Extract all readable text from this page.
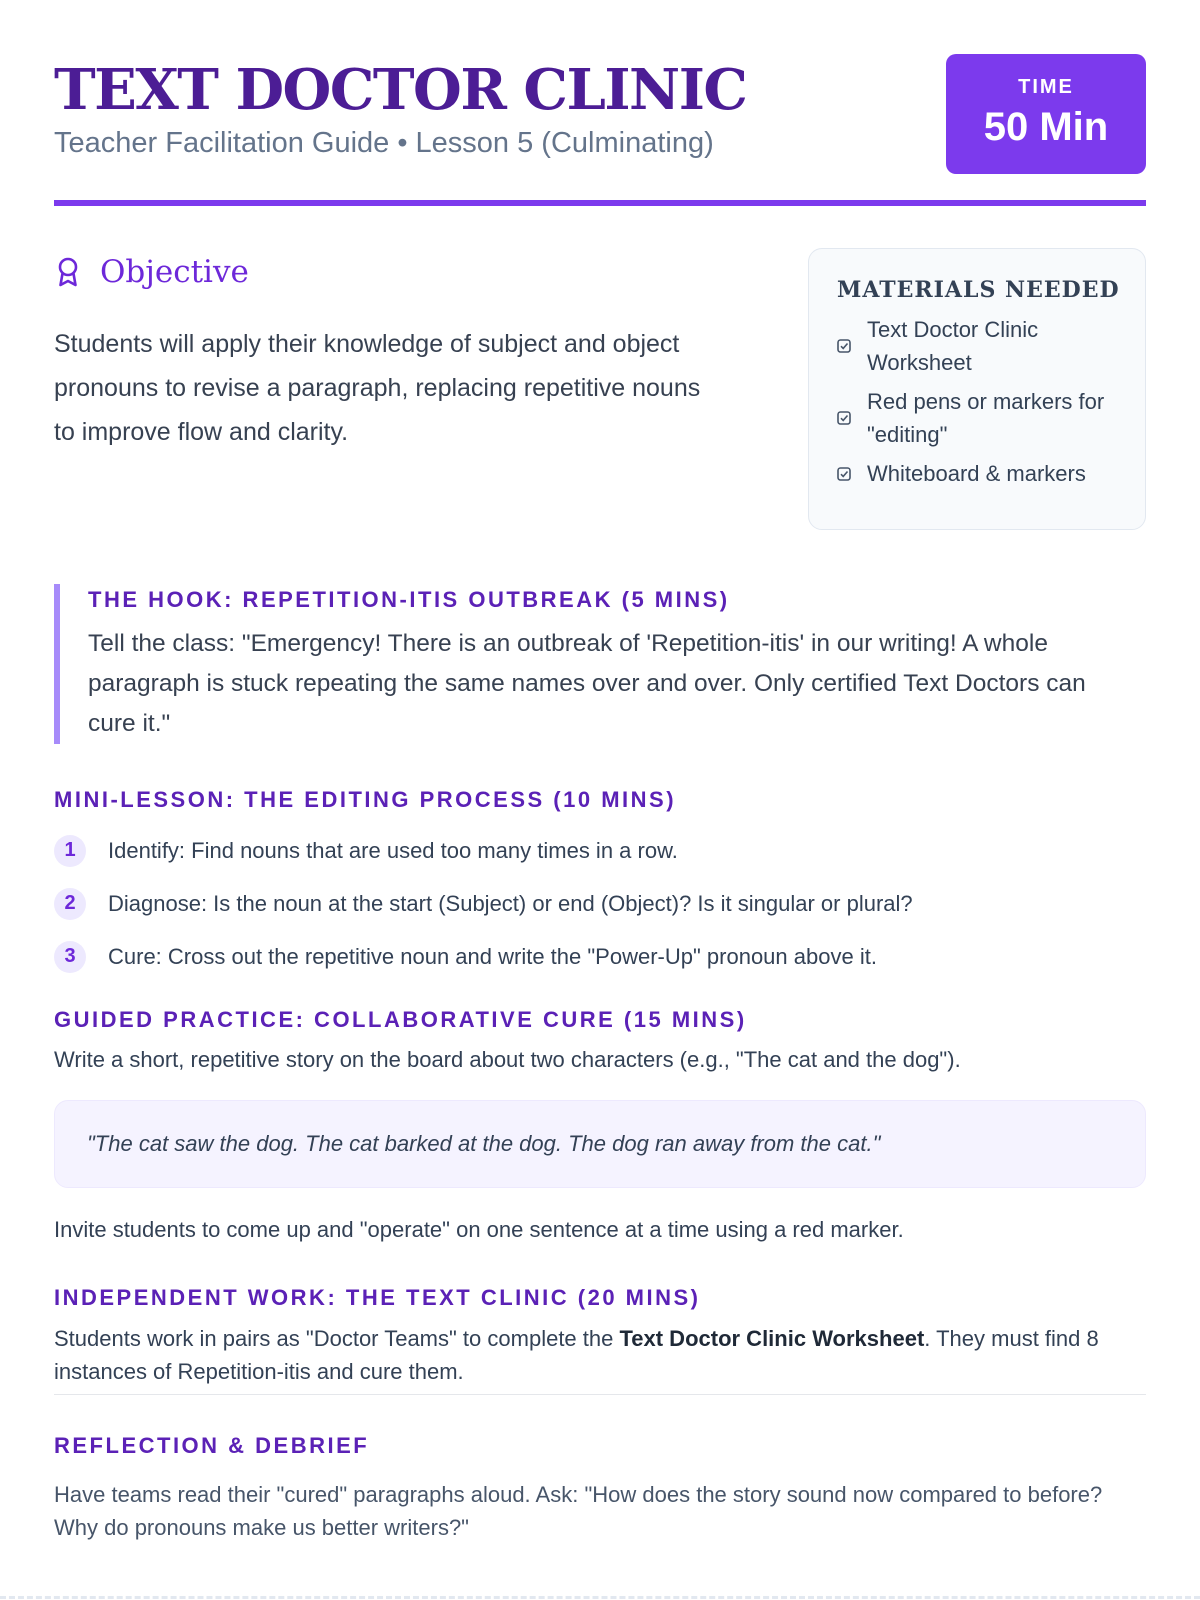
TEXT DOCTOR CLINIC
Teacher Facilitation Guide • Lesson 5 (Culminating)
TIME
50 Min
Objective
Students will apply their knowledge of subject and object pronouns to revise a paragraph, replacing repetitive nouns to improve flow and clarity.
MATERIALS NEEDED
Text Doctor Clinic Worksheet
Red pens or markers for "editing"
Whiteboard & markers
THE HOOK: REPETITION-ITIS OUTBREAK (5 MINS)
Tell the class: "Emergency! There is an outbreak of 'Repetition-itis' in our writing! A whole paragraph is stuck repeating the same names over and over. Only certified Text Doctors can cure it."
MINI-LESSON: THE EDITING PROCESS (10 MINS)
1	Identify: Find nouns that are used too many times in a row.
2	Diagnose: Is the noun at the start (Subject) or end (Object)? Is it singular or plural?
3	Cure: Cross out the repetitive noun and write the "Power-Up" pronoun above it.
GUIDED PRACTICE: COLLABORATIVE CURE (15 MINS)
Write a short, repetitive story on the board about two characters (e.g., "The cat and the dog").
"The cat saw the dog. The cat barked at the dog. The dog ran away from the cat."
Invite students to come up and "operate" on one sentence at a time using a red marker.
INDEPENDENT WORK: THE TEXT CLINIC (20 MINS)
Students work in pairs as "Doctor Teams" to complete the Text Doctor Clinic Worksheet. They must find 8 instances of Repetition-itis and cure them.
REFLECTION & DEBRIEF
Have teams read their "cured" paragraphs aloud. Ask: "How does the story sound now compared to before? Why do pronouns make us better writers?"
